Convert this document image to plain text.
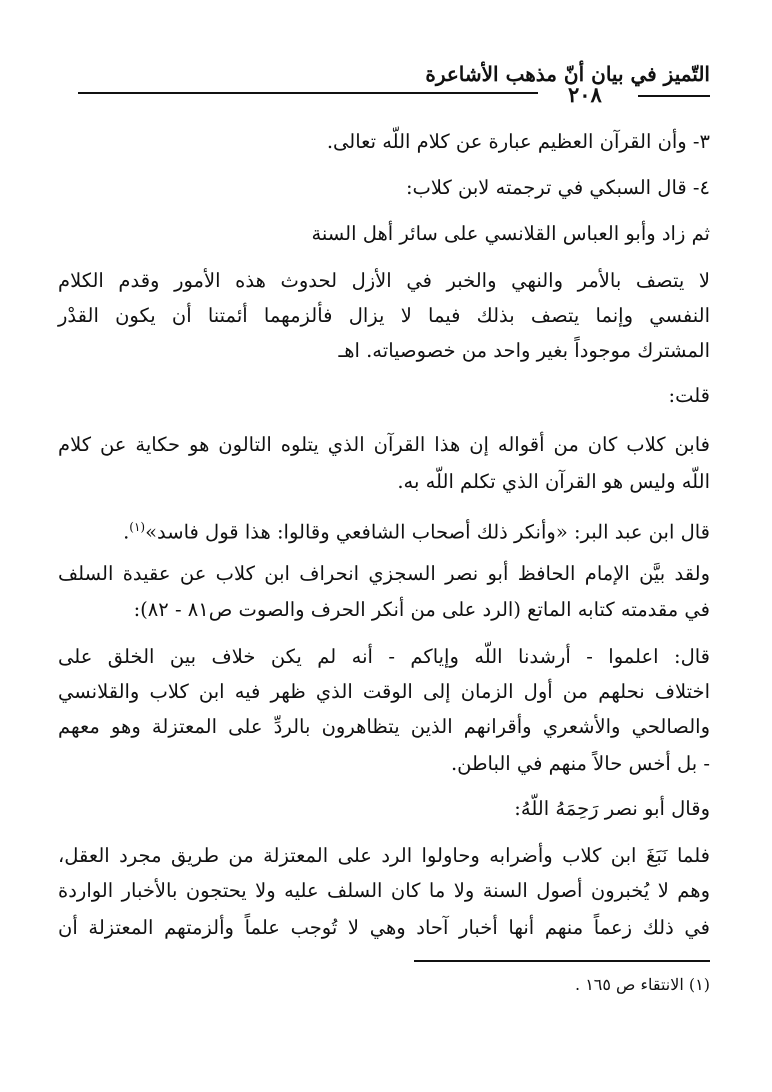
التّميز في بيان أنّ مذهب الأشاعرة
٢٠٨
٣- وأن القرآن العظيم عبارة عن كلام اللّه تعالى.
٤- قال السبكي في ترجمته لابن كلاب:
ثم زاد وأبو العباس القلانسي على سائر أهل السنة
لا يتصف بالأمر والنهي والخبر في الأزل لحدوث هذه الأمور وقدم الكلام
النفسي وإنما يتصف بذلك فيما لا يزال فألزمهما أئمتنا أن يكون القدْر
المشترك موجوداً بغير واحد من خصوصياته. اهـ
قلت:
فابن كلاب كان من أقواله إن هذا القرآن الذي يتلوه التالون هو حكاية عن كلام
اللّه وليس هو القرآن الذي تكلم اللّه به.
قال ابن عبد البر: «وأنكر ذلك أصحاب الشافعي وقالوا: هذا قول فاسد»$^{(١)}$.
ولقد بيَّن الإمام الحافظ أبو نصر السجزي انحراف ابن كلاب عن عقيدة السلف
في مقدمته كتابه الماتع (الرد على من أنكر الحرف والصوت ص٨١ - ٨٢):
قال: اعلموا - أرشدنا اللّه وإياكم - أنه لم يكن خلاف بين الخلق على
اختلاف نحلهم من أول الزمان إلى الوقت الذي ظهر فيه ابن كلاب والقلانسي
والصالحي والأشعري وأقرانهم الذين يتظاهرون بالردِّ على المعتزلة وهو معهم
- بل أخس حالاً منهم في الباطن.
وقال أبو نصر رَحِمَهُ اللّهُ:
فلما نَبَغَ ابن كلاب وأضرابه وحاولوا الرد على المعتزلة من طريق مجرد العقل،
وهم لا يُخبرون أصول السنة ولا ما كان السلف عليه ولا يحتجون بالأخبار الواردة
في ذلك زعماً منهم أنها أخبار آحاد وهي لا تُوجب علماً وألزمتهم المعتزلة أن
(١) الانتقاء ص ١٦٥ .
